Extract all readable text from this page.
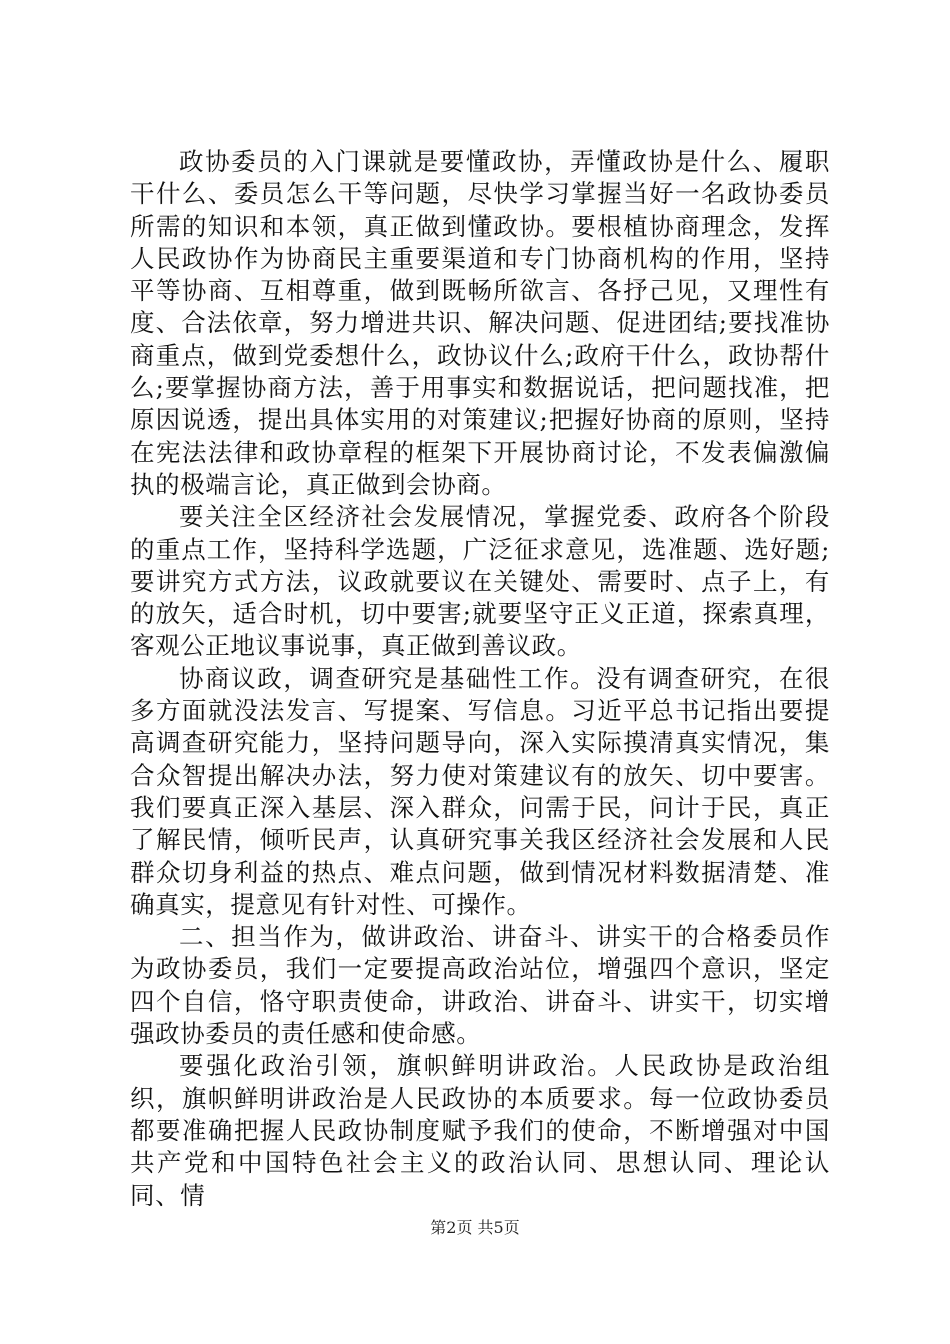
政协委员的入门课就是要懂政协，弄懂政协是什么、履职干什么、委员怎么干等问题，尽快学习掌握当好一名政协委员所需的知识和本领，真正做到懂政协。要根植协商理念，发挥人民政协作为协商民主重要渠道和专门协商机构的作用，坚持平等协商、互相尊重，做到既畅所欲言、各抒己见，又理性有度、合法依章，努力增进共识、解决问题、促进团结;要找准协商重点，做到党委想什么，政协议什么;政府干什么，政协帮什么;要掌握协商方法，善于用事实和数据说话，把问题找准，把原因说透，提出具体实用的对策建议;把握好协商的原则，坚持在宪法法律和政协章程的框架下开展协商讨论，不发表偏激偏执的极端言论，真正做到会协商。

要关注全区经济社会发展情况，掌握党委、政府各个阶段的重点工作，坚持科学选题，广泛征求意见，选准题、选好题;要讲究方式方法，议政就要议在关键处、需要时、点子上，有的放矢，适合时机，切中要害;就要坚守正义正道，探索真理，客观公正地议事说事，真正做到善议政。

协商议政，调查研究是基础性工作。没有调查研究，在很多方面就没法发言、写提案、写信息。习近平总书记指出要提高调查研究能力，坚持问题导向，深入实际摸清真实情况，集合众智提出解决办法，努力使对策建议有的放矢、切中要害。我们要真正深入基层、深入群众，问需于民，问计于民，真正了解民情，倾听民声，认真研究事关我区经济社会发展和人民群众切身利益的热点、难点问题，做到情况材料数据清楚、准确真实，提意见有针对性、可操作。

二、担当作为，做讲政治、讲奋斗、讲实干的合格委员作为政协委员，我们一定要提高政治站位，增强四个意识，坚定四个自信，恪守职责使命，讲政治、讲奋斗、讲实干，切实增强政协委员的责任感和使命感。

要强化政治引领，旗帜鲜明讲政治。人民政协是政治组织，旗帜鲜明讲政治是人民政协的本质要求。每一位政协委员都要准确把握人民政协制度赋予我们的使命，不断增强对中国共产党和中国特色社会主义的政治认同、思想认同、理论认同、情

第2页 共5页
